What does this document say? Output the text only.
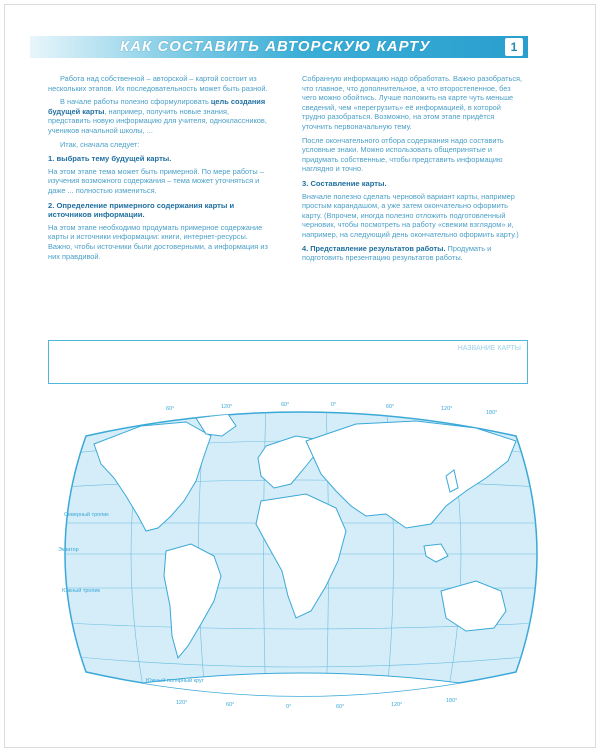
КАК СОСТАВИТЬ АВТОРСКУЮ КАРТУ	1

Работа над собственной – авторской – картой состоит из нескольких этапов. Их последовательность может быть разной.

В начале работы полезно сформулировать цель создания будущей карты, например, получить новые знания, представить новую информацию для учителя, одноклассников, учеников начальной школы, ...

Итак, сначала следует:

1. выбрать тему будущей карты.

На этом этапе тема может быть примерной. По мере работы – изучения возможного содержания – тема может уточняться и даже ... полностью измениться.

2. Определение примерного содержания карты и источников информации.

На этом этапе необходимо продумать примерное содержание карты и источники информации: книги, интернет-ресурсы. Важно, чтобы источники были достоверными, а информация из них правдивой.

Собранную информацию надо обработать. Важно разобраться, что главное, что дополнительное, а что второстепенное, без чего можно обойтись. Лучше положить на карте чуть меньше сведений, чем «перегрузить» её информацией, в которой трудно разобраться. Возможно, на этом этапе придётся уточнить первоначальную тему.

После окончательного отбора содержания надо составить условные знаки. Можно использовать общепринятые и придумать собственные, чтобы представить информацию наглядно и точно.

3. Составление карты.

Вначале полезно сделать черновой вариант карты, например простым карандашом, а уже затем окончательно оформить карту. (Впрочем, иногда полезно отложить подготовленный черновик, чтобы посмотреть на работу «свежим взглядом» и, например, на следующий день окончательно оформить карту.)

4. Представление результатов работы. Продумать и подготовить презентацию результатов работы.

НАЗВАНИЕ КАРТЫ
60°	120°	60°	0°	60°	120°
180°
Северный тропик
Экватор
Южный тропик
Южный полярный круг
120°	60°	0°	60°	120°
180°
